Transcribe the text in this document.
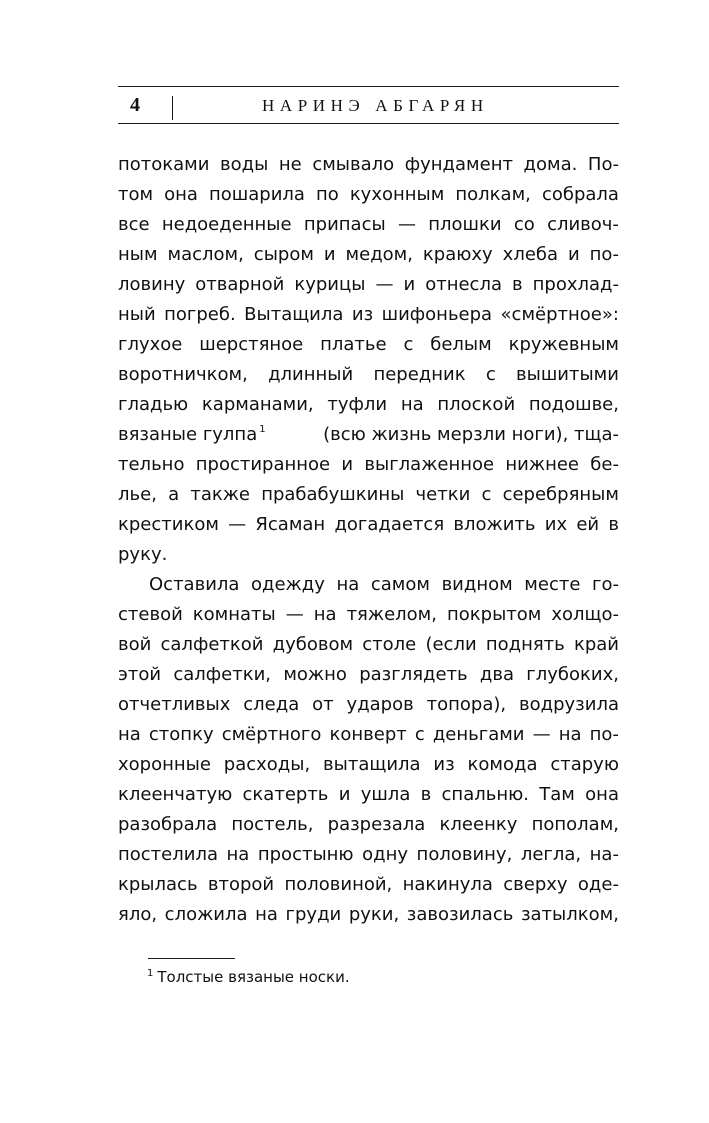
4	НАРИНЭ АБГАРЯН
потоками воды не смывало фундамент дома. По-
том она пошарила по кухонным полкам, собрала
все недоеденные припасы — плошки со сливоч-
ным маслом, сыром и медом, краюху хлеба и по-
ловину отварной курицы — и отнесла в прохлад-
ный погреб. Вытащила из шифоньера «смёртное»:
глухое шерстяное платье с белым кружевным
воротничком, длинный передник с вышитыми
гладью карманами, туфли на плоской подошве,
вязаные гулпа $^1$	(всю жизнь мерзли ноги), тща-
тельно простиранное и выглаженное нижнее бе-
лье, а также прабабушкины четки с серебряным
крестиком — Ясаман догадается вложить их ей в
руку.
Оставила одежду на самом видном месте го-
стевой комнаты — на тяжелом, покрытом холщо-
вой салфеткой дубовом столе (если поднять край
этой салфетки, можно разглядеть два глубоких,
отчетливых следа от ударов топора), водрузила
на стопку смёртного конверт с деньгами — на по-
хоронные расходы, вытащила из комода старую
клеенчатую скатерть и ушла в спальню. Там она
разобрала постель, разрезала клеенку пополам,
постелила на простыню одну половину, легла, на-
крылась второй половиной, накинула сверху оде-
яло, сложила на груди руки, завозилась затылком,
$^1$ Толстые вязаные носки.
